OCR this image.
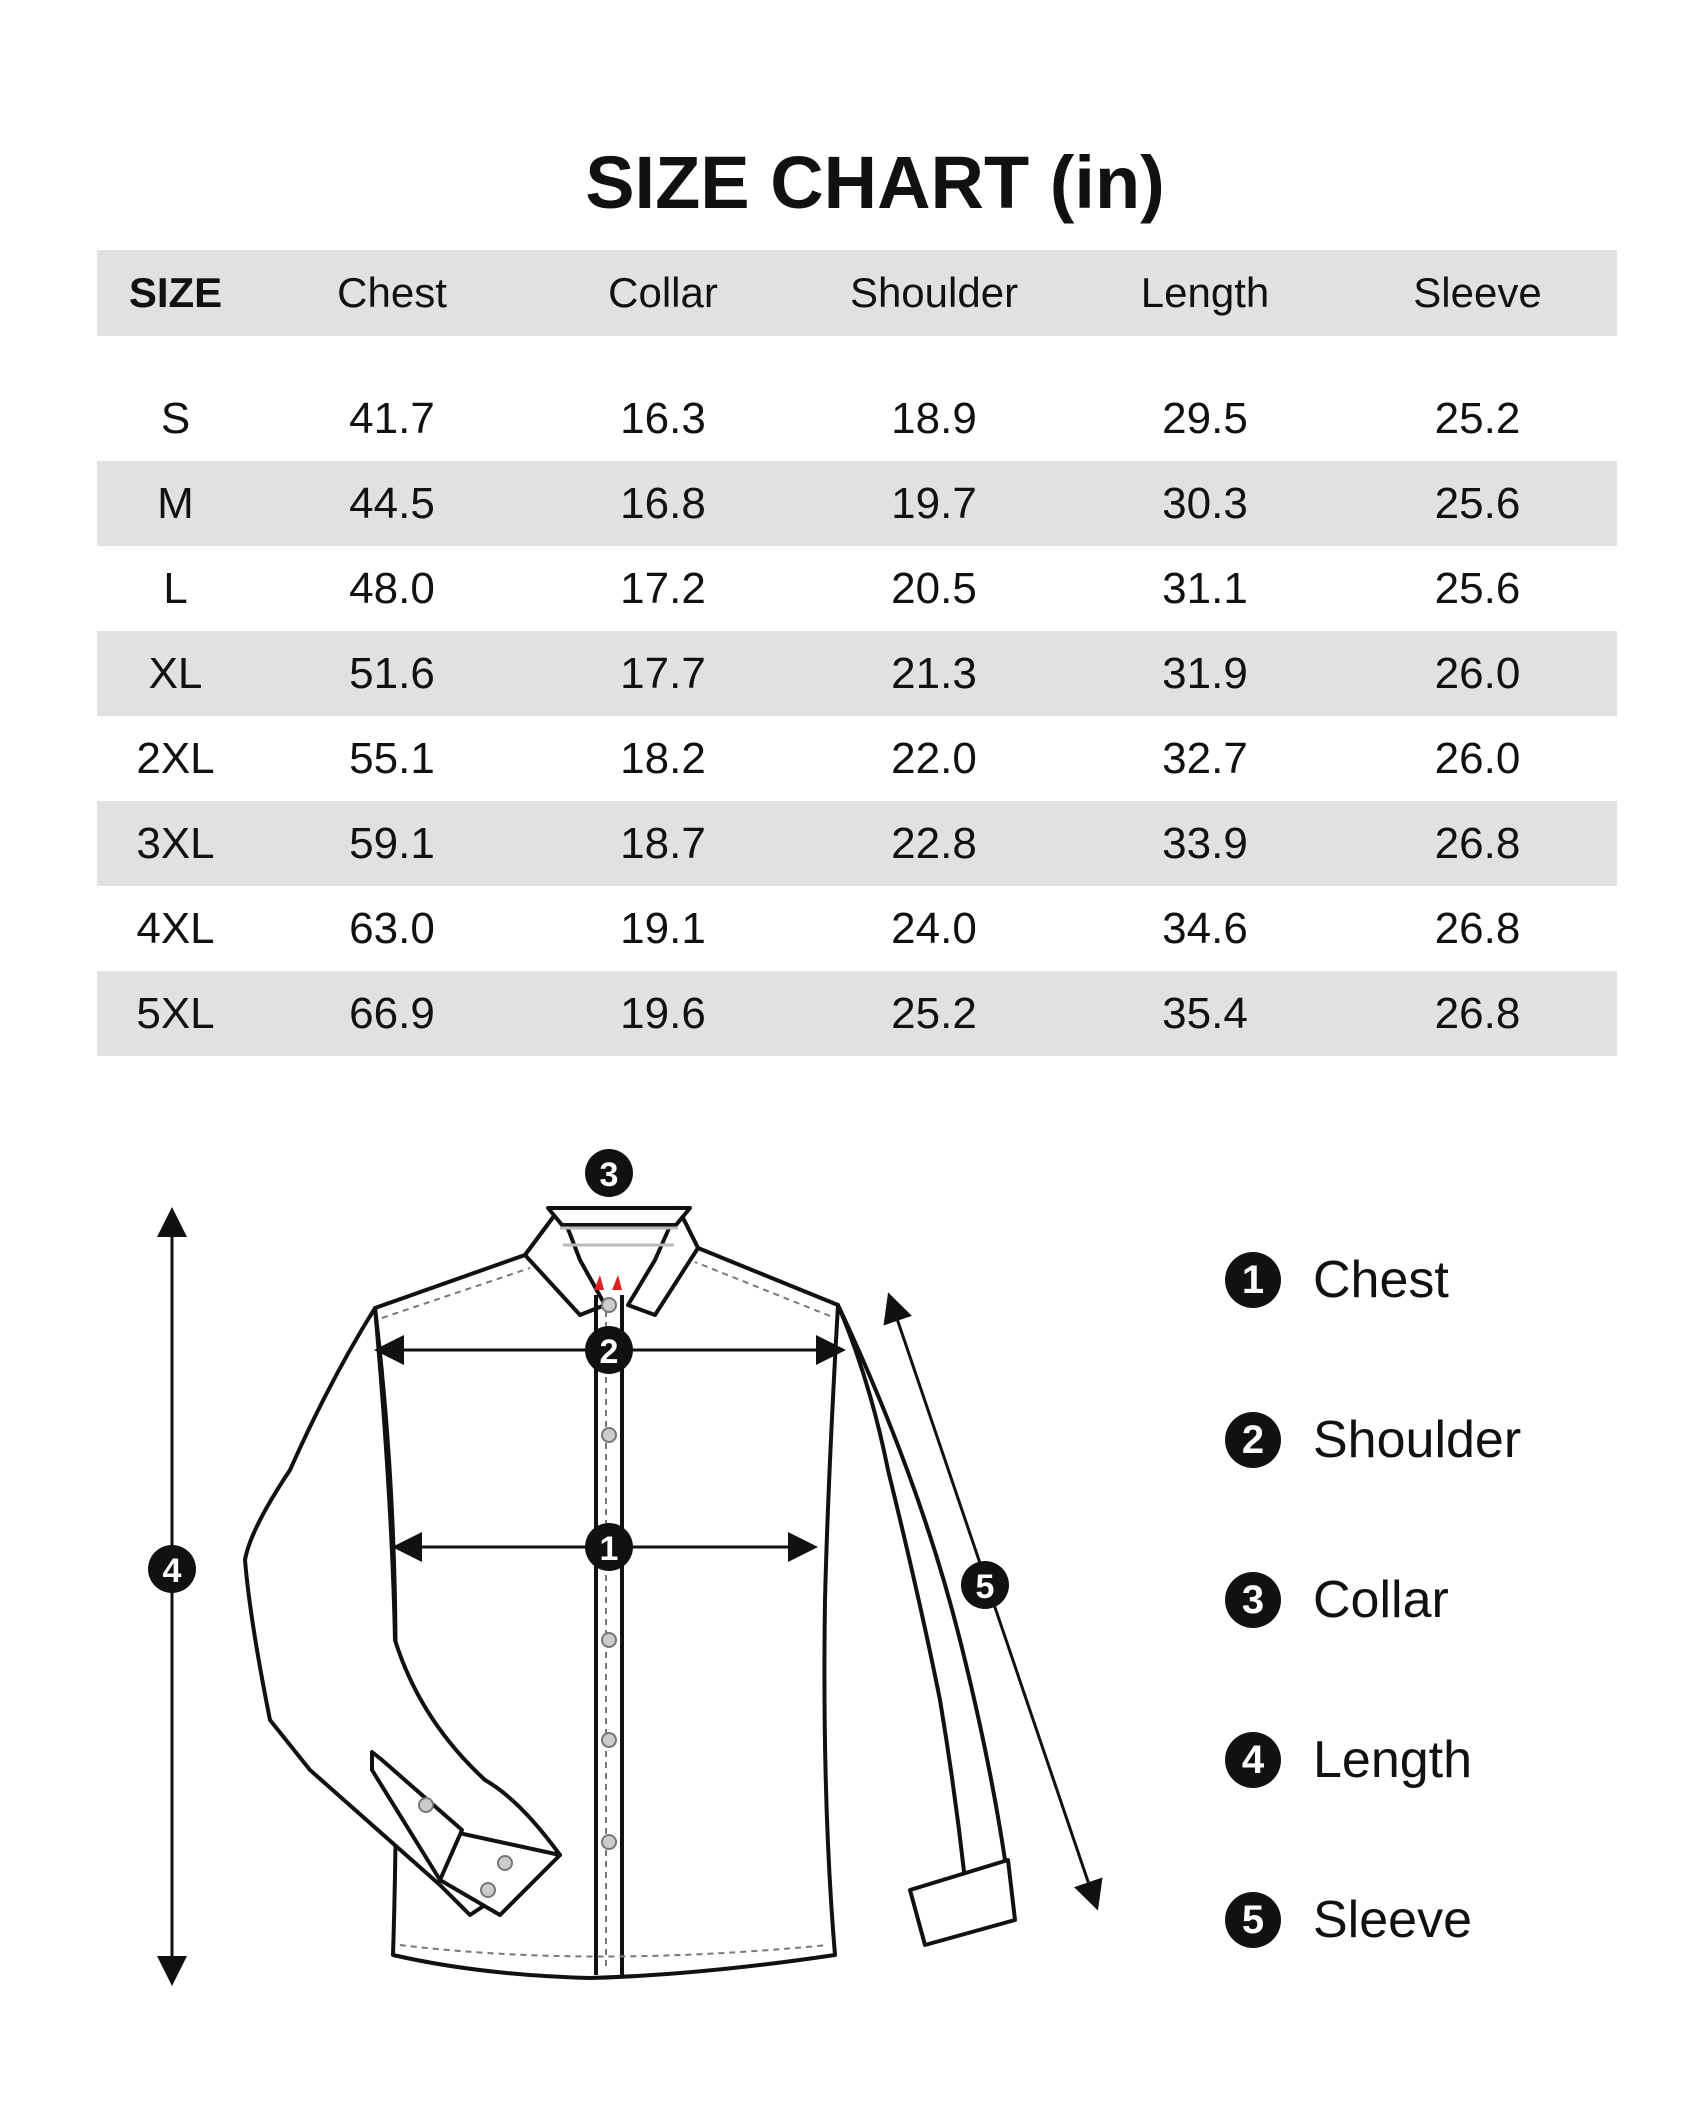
SIZE CHART (in)
SIZE	Chest	Collar	Shoulder	Length	Sleeve

S	41.7	16.3	18.9	29.5	25.2
M	44.5	16.8	19.7	30.3	25.6
L	48.0	17.2	20.5	31.1	25.6
XL	51.6	17.7	21.3	31.9	26.0
2XL	55.1	18.2	22.0	32.7	26.0
3XL	59.1	18.7	22.8	33.9	26.8
4XL	63.0	19.1	24.0	34.6	26.8
5XL	66.9	19.6	25.2	35.4	26.8
1
2
3
4	5
1 Chest
2 Shoulder
3 Collar
4 Length
5 Sleeve
